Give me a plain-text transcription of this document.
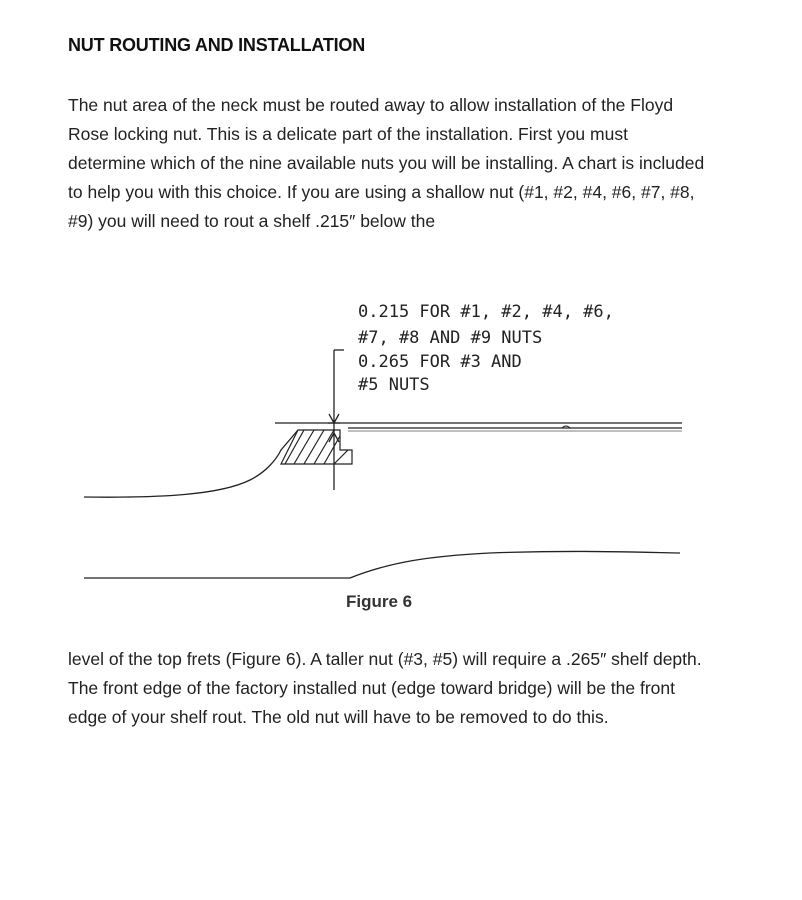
NUT ROUTING AND INSTALLATION

The nut area of the neck must be routed away to allow installation of the Floyd Rose locking nut. This is a delicate part of the installation. First you must determine which of the nine available nuts you will be installing. A chart is included to help you with this choice. If you are using a shallow nut (#1, #2, #4, #6, #7, #8, #9) you will need to rout a shelf .215″ below the

0.215 FOR #1, #2, #4, #6,
#7, #8 AND #9 NUTS
0.265 FOR #3 AND
#5 NUTS
Figure 6

level of the top frets (Figure 6). A taller nut (#3, #5) will require a .265″ shelf depth. The front edge of the factory installed nut (edge toward bridge) will be the front edge of your shelf rout. The old nut will have to be removed to do this.
